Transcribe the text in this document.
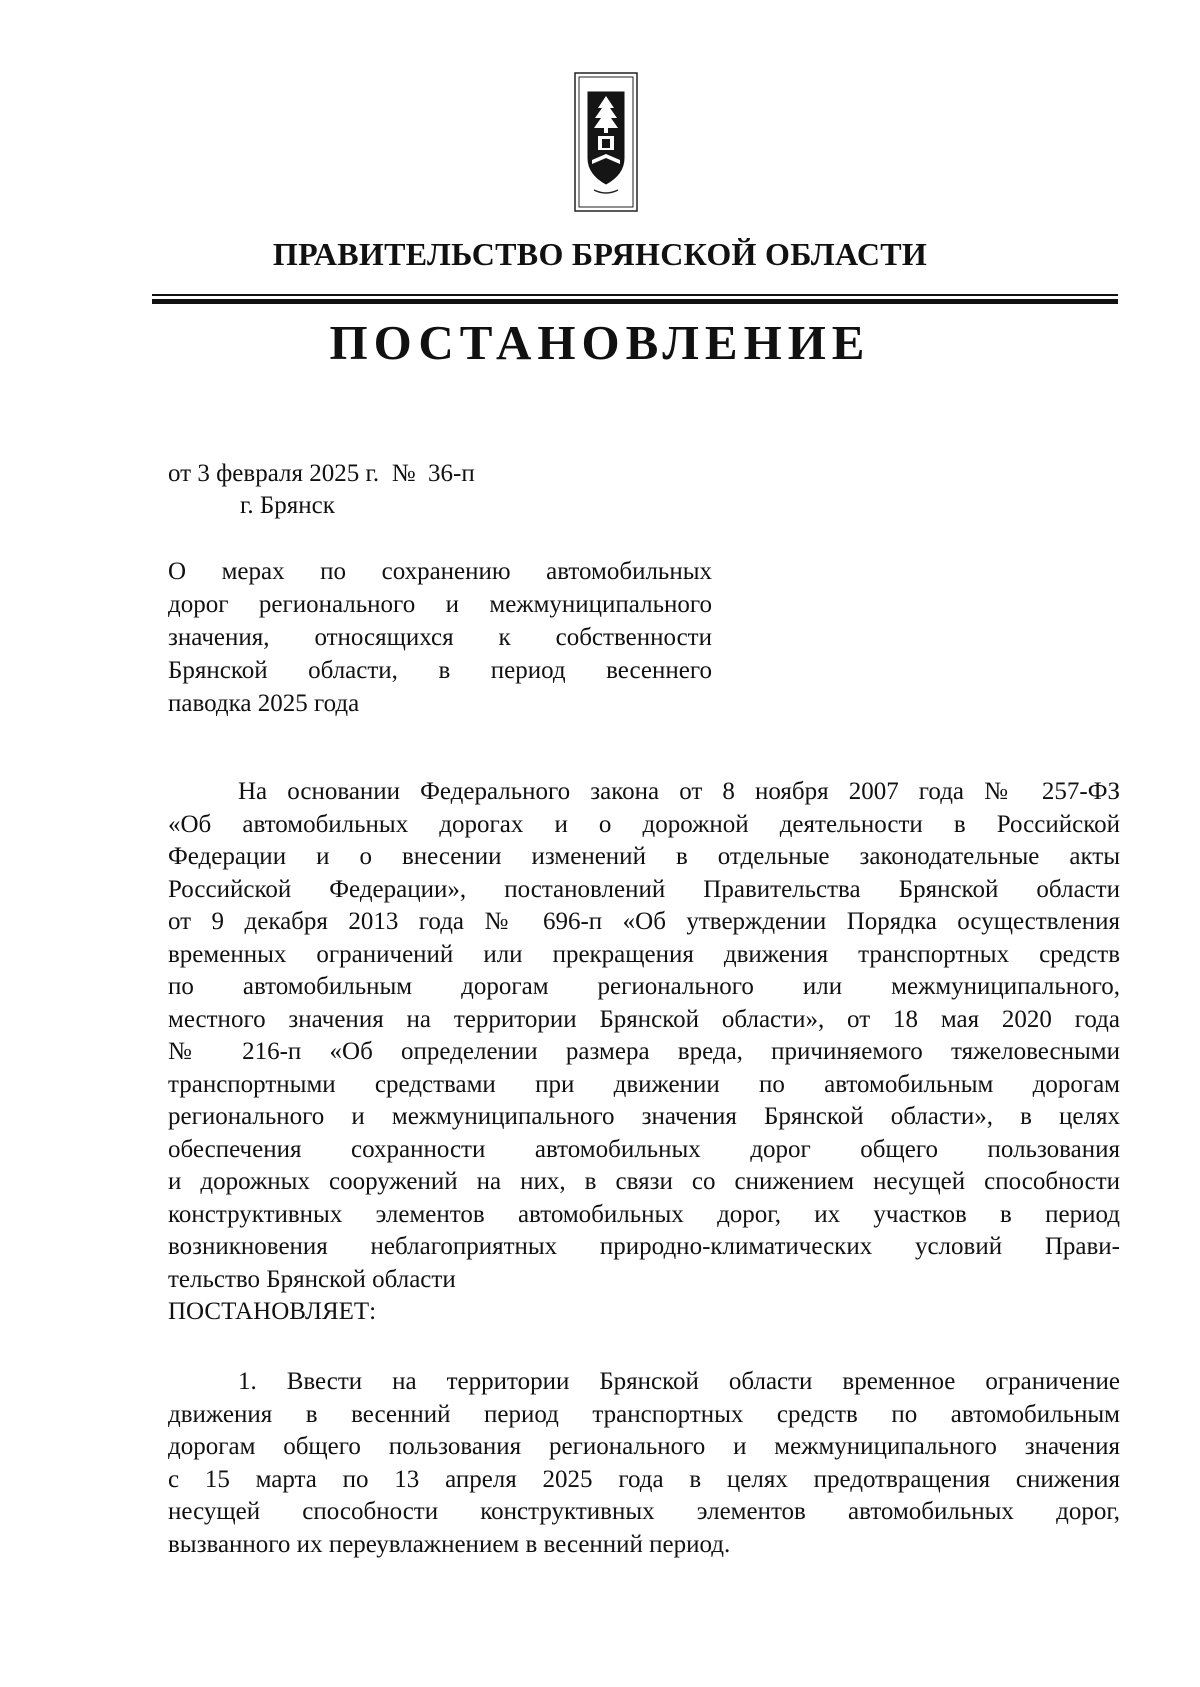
ПРАВИТЕЛЬСТВО БРЯНСКОЙ ОБЛАСТИ
ПОСТАНОВЛЕНИЕ
от 3 февраля 2025 г. № 36-п
г. Брянск
О мерах по сохранению автомобильных
дорог регионального и межмуниципального
значения, относящихся к собственности
Брянской области, в период весеннего
паводка 2025 года
На основании Федерального закона от 8 ноября 2007 года № 257-ФЗ
«Об автомобильных дорогах и о дорожной деятельности в Российской
Федерации и о внесении изменений в отдельные законодательные акты
Российской Федерации», постановлений Правительства Брянской области
от 9 декабря 2013 года № 696-п «Об утверждении Порядка осуществления
временных ограничений или прекращения движения транспортных средств
по автомобильным дорогам регионального или межмуниципального,
местного значения на территории Брянской области», от 18 мая 2020 года
№ 216-п «Об определении размера вреда, причиняемого тяжеловесными
транспортными средствами при движении по автомобильным дорогам
регионального и межмуниципального значения Брянской области», в целях
обеспечения сохранности автомобильных дорог общего пользования
и дорожных сооружений на них, в связи со снижением несущей способности
конструктивных элементов автомобильных дорог, их участков в период
возникновения неблагоприятных природно-климатических условий Прави-
тельство Брянской области
ПОСТАНОВЛЯЕТ:
1. Ввести на территории Брянской области временное ограничение
движения в весенний период транспортных средств по автомобильным
дорогам общего пользования регионального и межмуниципального значения
с 15 марта по 13 апреля 2025 года в целях предотвращения снижения
несущей способности конструктивных элементов автомобильных дорог,
вызванного их переувлажнением в весенний период.
